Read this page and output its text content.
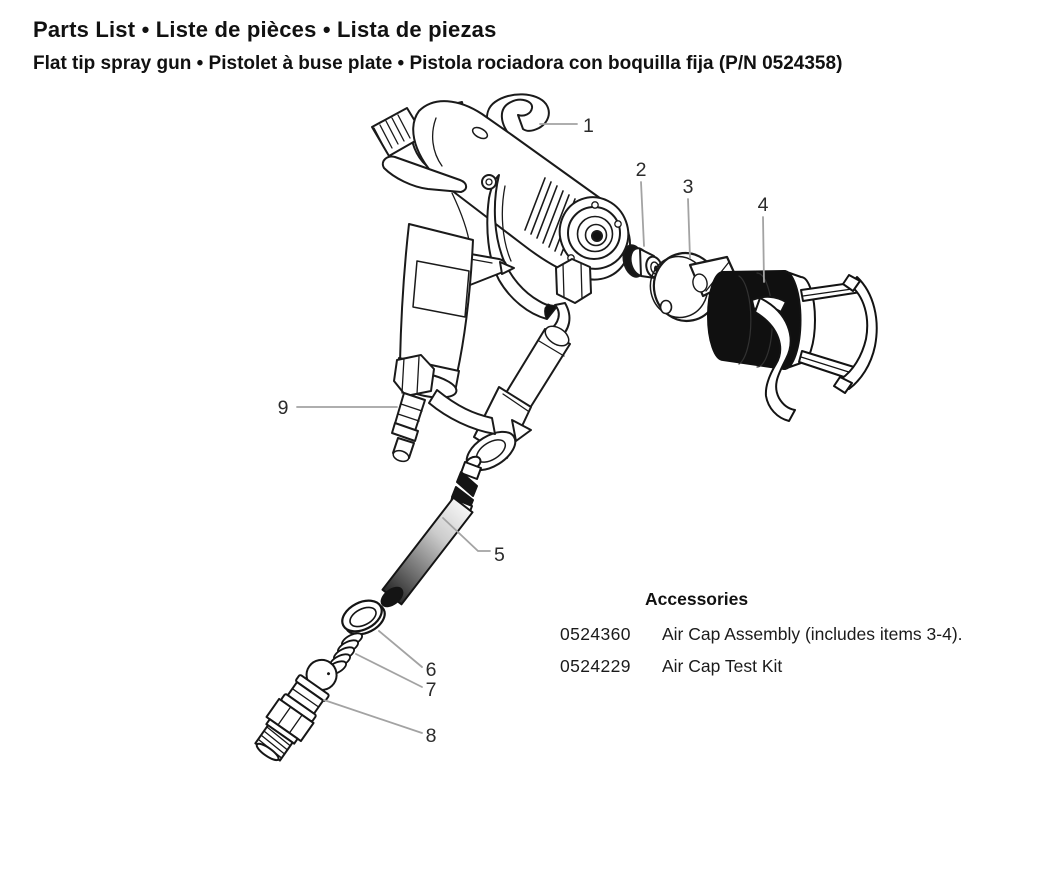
Parts List • Liste de pièces • Lista de piezas
Flat tip spray gun • Pistolet à buse plate • Pistola rociadora con boquilla fija (P/N 0524358)
1
2
3
4
5
6
7
8
9
Accessories
0524360 Air Cap Assembly (includes items 3-4).
0524229 Air Cap Test Kit
